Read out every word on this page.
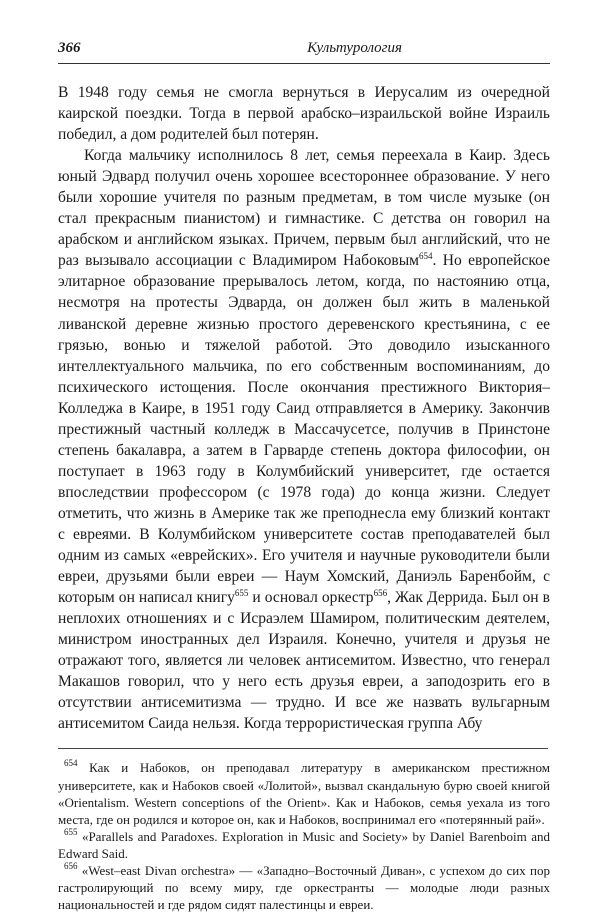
366	Культурология

В 1948 году семья не смогла вернуться в Иерусалим из очередной каирской поездки. Тогда в первой арабско–израильской войне Израиль победил, а дом родителей был потерян.

Когда мальчику исполнилось 8 лет, семья переехала в Каир. Здесь юный Эдвард получил очень хорошее всестороннее образование. У него были хорошие учителя по разным предметам, в том числе музыке (он стал прекрасным пианистом) и гимнастике. С детства он говорил на арабском и английском языках. Причем, первым был английский, что не раз вызывало ассоциации с Владимиром Набоковым$^{654}$. Но европейское элитарное образование прерывалось летом, когда, по настоянию отца, несмотря на протесты Эдварда, он должен был жить в маленькой ливанской деревне жизнью простого деревенского крестьянина, с ее грязью, вонью и тяжелой работой. Это доводило изысканного интеллектуального мальчика, по его собственным воспоминаниям, до психического истощения. После окончания престижного Виктория–Колледжа в Каире, в 1951 году Саид отправляется в Америку. Закончив престижный частный колледж в Массачусетсе, получив в Принстоне степень бакалавра, а затем в Гарварде степень доктора философии, он поступает в 1963 году в Колумбийский университет, где остается впоследствии профессором (с 1978 года) до конца жизни. Следует отметить, что жизнь в Америке так же преподнесла ему близкий контакт с евреями. В Колумбийском университете состав преподавателей был одним из самых «еврейских». Его учителя и научные руководители были евреи, друзьями были евреи — Наум Хомский, Даниэль Баренбойм, с которым он написал книгу$^{655}$ и основал оркестр$^{656}$, Жак Деррида. Был он в неплохих отношениях и с Исраэлем Шамиром, политическим деятелем, министром иностранных дел Израиля. Конечно, учителя и друзья не отражают того, является ли человек антисемитом. Известно, что генерал Макашов говорил, что у него есть друзья евреи, а заподозрить его в отсутствии антисемитизма — трудно. И все же назвать вульгарным антисемитом Саида нельзя. Когда террористическая группа Абу

$^{654}$ Как и Набоков, он преподавал литературу в американском престижном университете, как и Набоков своей «Лолитой», вызвал скандальную бурю своей книгой «Orientalism. Western conceptions of the Orient». Как и Набоков, семья уехала из того места, где он родился и которое он, как и Набоков, воспринимал его «потерянный рай».

$^{655}$ «Parallels and Paradoxes. Exploration in Music and Society» by Daniel Barenboim and Edward Said.

$^{656}$ «West–east Divan orchestra» — «Западно–Восточный Диван», с успехом до сих пор гастролирующий по всему миру, где оркестранты — молодые люди разных национальностей и где рядом сидят палестинцы и евреи.
